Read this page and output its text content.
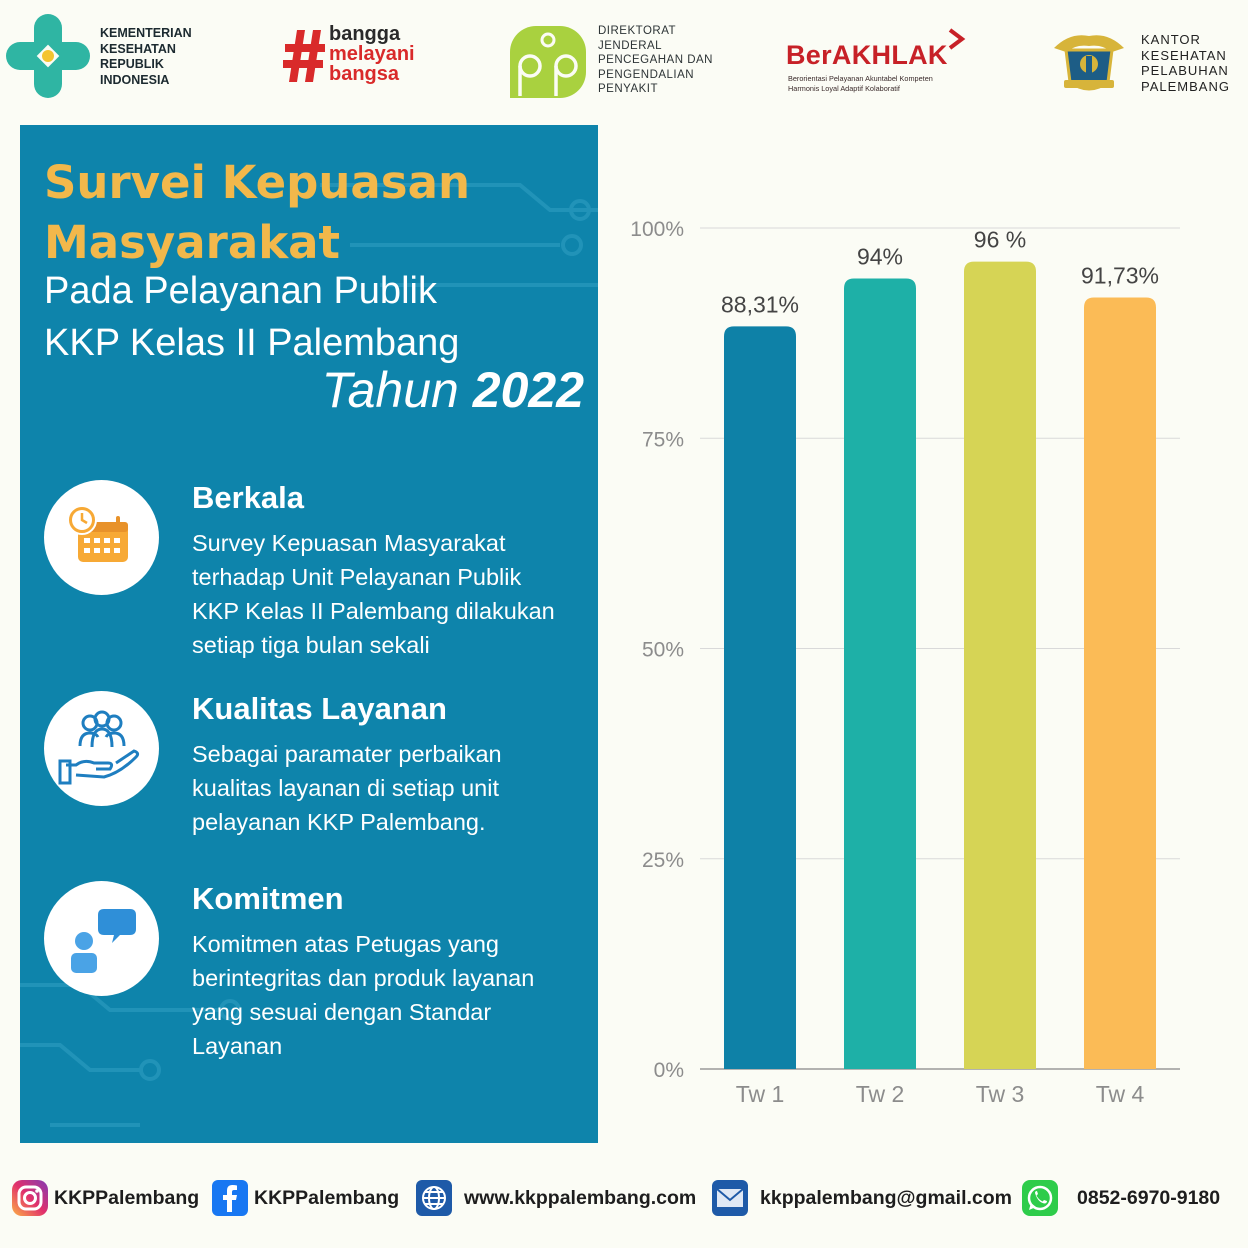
KEMENTERIAN
KESEHATAN
REPUBLIK
INDONESIA
bangga
melayani
bangsa
DIREKTORAT
JENDERAL
PENCEGAHAN DAN
PENGENDALIAN
PENYAKIT
BerAKHLAK
Berorientasi Pelayanan Akuntabel Kompeten
Harmonis Loyal Adaptif Kolaboratif
KANTOR
KESEHATAN
PELABUHAN
PALEMBANG
Survei Kepuasan
Masyarakat
Pada Pelayanan Publik
KKP Kelas II Palembang
Tahun 2022
Berkala
Survey Kepuasan Masyarakat
terhadap Unit Pelayanan Publik
KKP Kelas II Palembang dilakukan
setiap tiga bulan sekali
Kualitas Layanan
Sebagai paramater perbaikan
kualitas layanan di setiap unit
pelayanan KKP Palembang.
Komitmen
Komitmen atas Petugas yang
berintegritas dan produk layanan
yang sesuai dengan Standar
Layanan
0%
25%
50%
75%
100%
88,31%
Tw 1
94%
Tw 2
96 %
Tw 3
91,73%
Tw 4
KKPPalembang	KKPPalembang	www.kkppalembang.com	kkppalembang@gmail.com	0852-6970-9180
